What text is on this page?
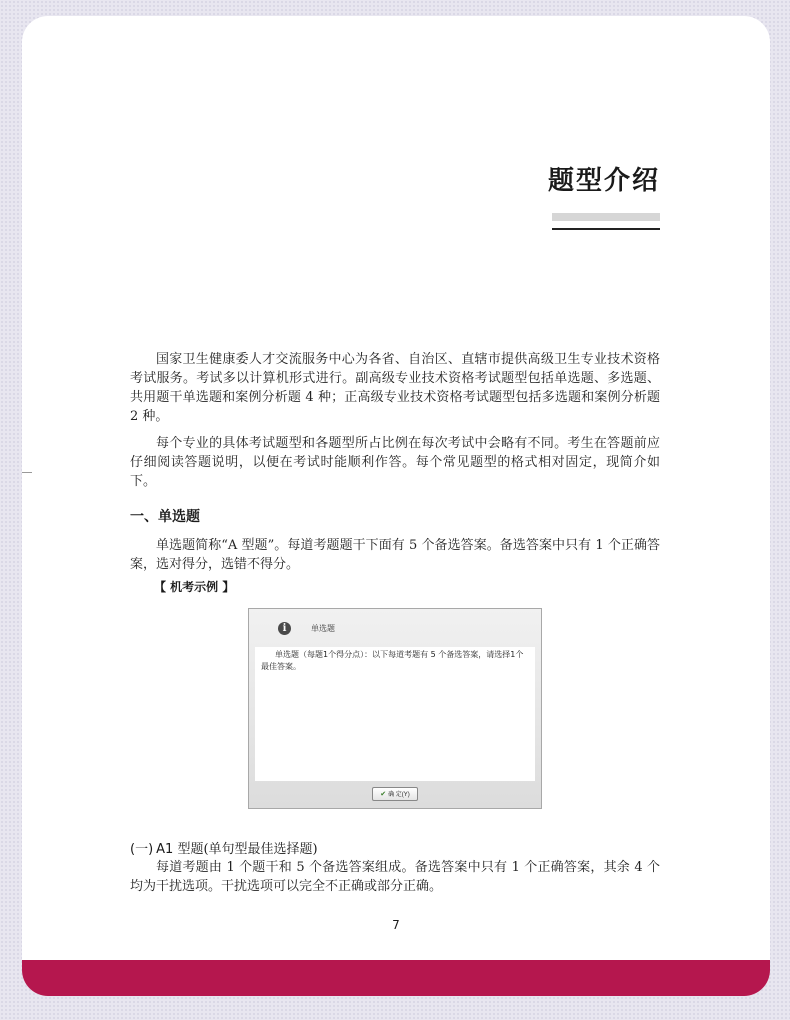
题型介绍

国家卫生健康委人才交流服务中心为各省、自治区、直辖市提供高级卫生专业技术资格考试服务。考试多以计算机形式进行。副高级专业技术资格考试题型包括单选题、多选题、共用题干单选题和案例分析题 4 种；正高级专业技术资格考试题型包括多选题和案例分析题 2 种。

每个专业的具体考试题型和各题型所占比例在每次考试中会略有不同。考生在答题前应仔细阅读答题说明，以便在考试时能顺利作答。每个常见题型的格式相对固定，现简介如下。

一、单选题

单选题简称“A 型题”。每道考题题干下面有 5 个备选答案。备选答案中只有 1 个正确答案，选对得分，选错不得分。

【 机考示例 】
i	单选题

单选题（每题1个得分点）：以下每道考题有 5 个备选答案，请选择1个最佳答案。

✔ 确 定(Y)
(一) A1 型题(单句型最佳选择题)

每道考题由 1 个题干和 5 个备选答案组成。备选答案中只有 1 个正确答案，其余 4 个均为干扰选项。干扰选项可以完全不正确或部分正确。

7
